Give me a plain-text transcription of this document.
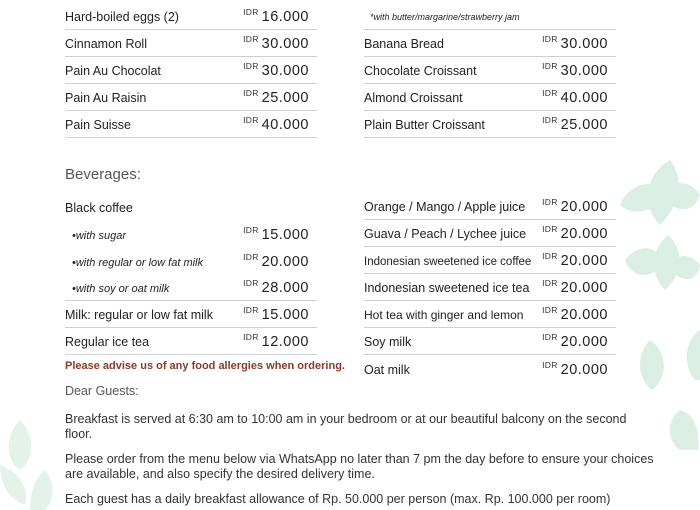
Hard-boiled eggs (2)	$^{IDR}$ 16.000
Cinnamon Roll	$^{IDR}$ 30.000
Pain Au Chocolat	$^{IDR}$ 30.000
Pain Au Raisin	$^{IDR}$ 25.000
Pain Suisse	$^{IDR}$ 40.000
*with butter/margarine/strawberry jam
Banana Bread	$^{IDR}$ 30.000
Chocolate Croissant	$^{IDR}$ 30.000
Almond Croissant	$^{IDR}$ 40.000
Plain Butter Croissant	$^{IDR}$ 25.000
Beverages:
Black coffee
•with sugar	$^{IDR}$ 15.000
•with regular or low fat milk	$^{IDR}$ 20.000
•with soy or oat milk	$^{IDR}$ 28.000
Milk: regular or low fat milk	$^{IDR}$ 15.000
Regular ice tea	$^{IDR}$ 12.000
Orange / Mango / Apple juice $^{IDR}$ 20.000
Guava / Peach / Lychee juice $^{IDR}$ 20.000
Indonesian sweetened ice coffee $^{IDR}$ 20.000
Indonesian sweetened ice tea $^{IDR}$ 20.000
Hot tea with ginger and lemon $^{IDR}$ 20.000
Soy milk	$^{IDR}$ 20.000
Oat milk	$^{IDR}$ 20.000
Please advise us of any food allergies when ordering.
Dear Guests:
Breakfast is served at 6:30 am to 10:00 am in your bedroom or at our beautiful balcony on the second floor.
Please order from the menu below via WhatsApp no later than 7 pm the day before to ensure your choices are available, and also specify the desired delivery time.
Each guest has a daily breakfast allowance of Rp. 50.000 per person (max. Rp. 100.000 per room)
